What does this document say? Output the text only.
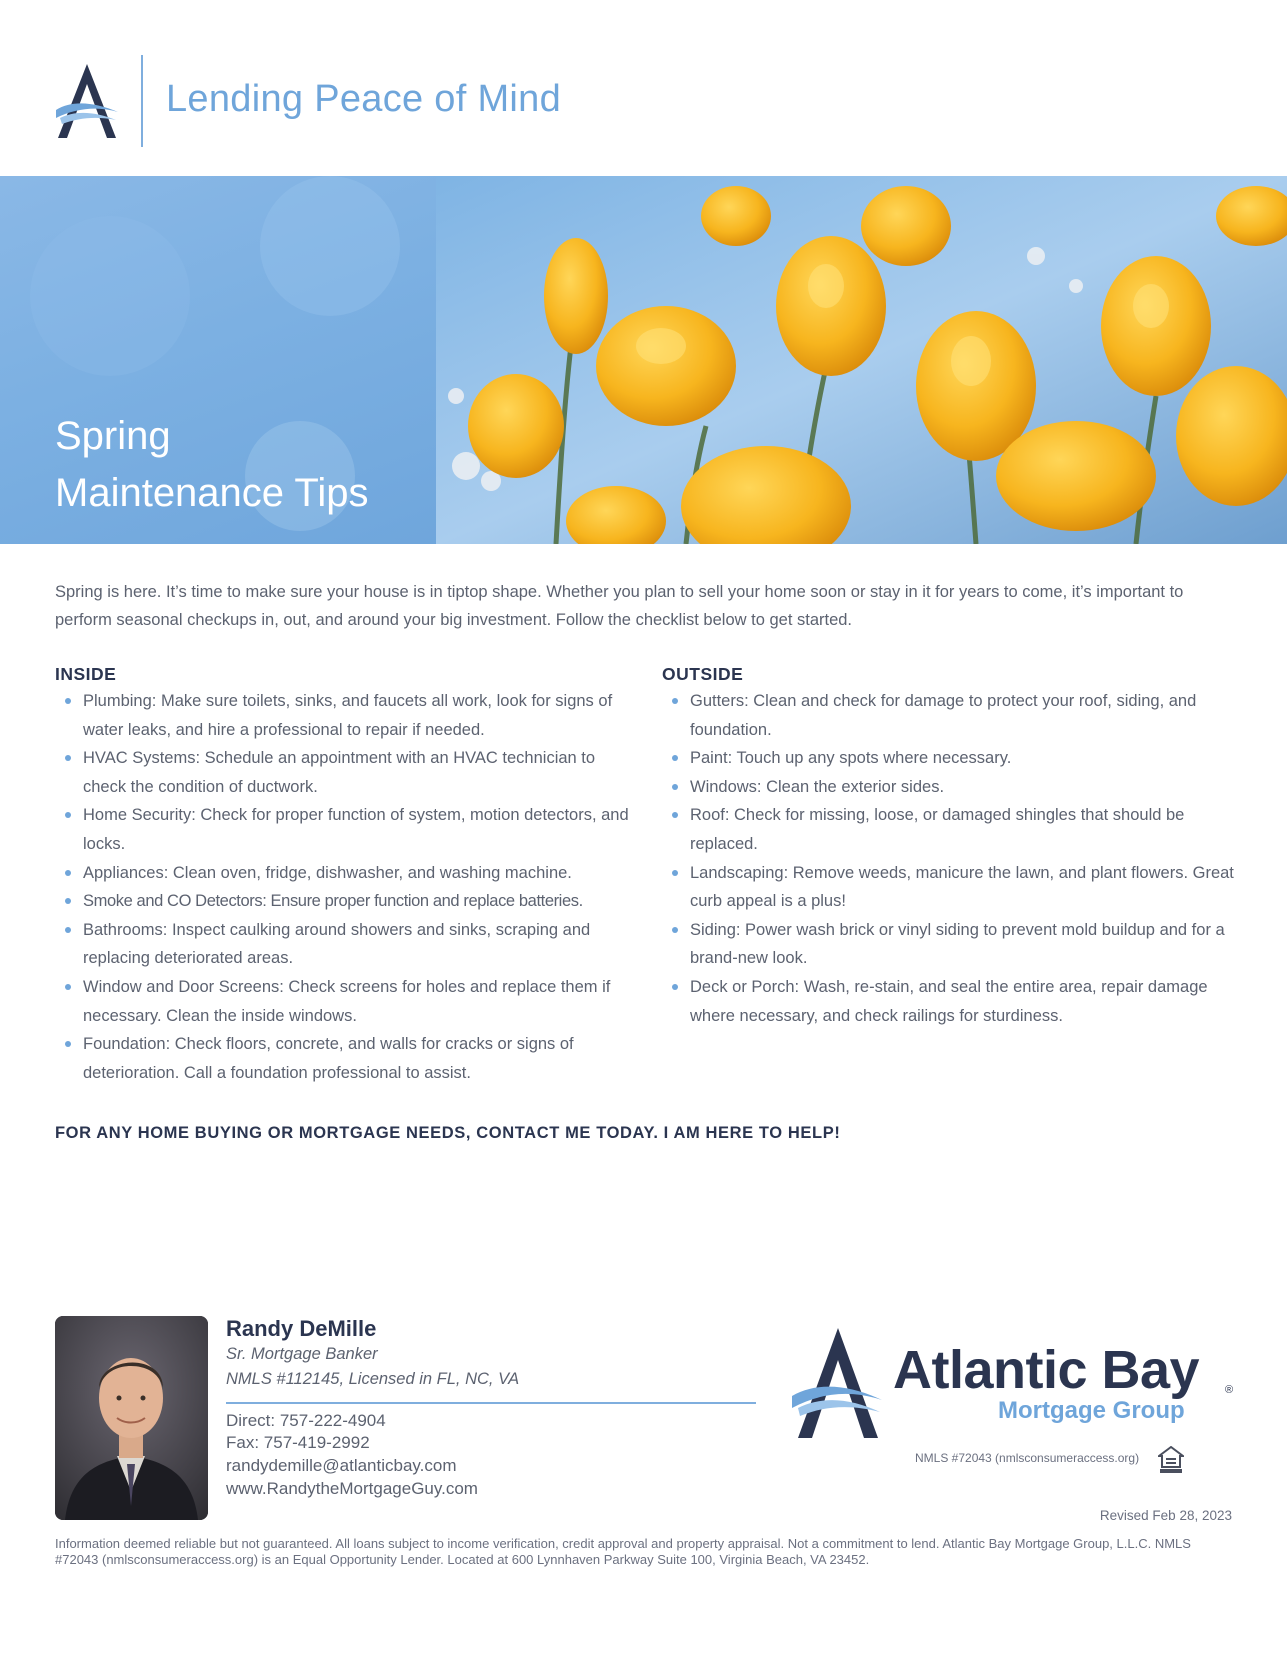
Lending Peace of Mind
Spring
Maintenance Tips

Spring is here. It’s time to make sure your house is in tiptop shape. Whether you plan to sell your home soon or stay in it for years to come, it’s important to perform seasonal checkups in, out, and around your big investment. Follow the checklist below to get started.

INSIDE
Plumbing: Make sure toilets, sinks, and faucets all work, look for signs of water leaks, and hire a professional to repair if needed.
HVAC Systems: Schedule an appointment with an HVAC technician to check the condition of ductwork.
Home Security: Check for proper function of system, motion detectors, and locks.
Appliances: Clean oven, fridge, dishwasher, and washing machine.
Smoke and CO Detectors: Ensure proper function and replace batteries.
Bathrooms: Inspect caulking around showers and sinks, scraping and replacing deteriorated areas.
Window and Door Screens: Check screens for holes and replace them if necessary. Clean the inside windows.
Foundation: Check floors, concrete, and walls for cracks or signs of deterioration. Call a foundation professional to assist.
OUTSIDE
Gutters: Clean and check for damage to protect your roof, siding, and foundation.
Paint: Touch up any spots where necessary.
Windows: Clean the exterior sides.
Roof: Check for missing, loose, or damaged shingles that should be replaced.
Landscaping: Remove weeds, manicure the lawn, and plant flowers. Great curb appeal is a plus!
Siding: Power wash brick or vinyl siding to prevent mold buildup and for a brand-new look.
Deck or Porch: Wash, re-stain, and seal the entire area, repair damage where necessary, and check railings for sturdiness.

FOR ANY HOME BUYING OR MORTGAGE NEEDS, CONTACT ME TODAY. I AM HERE TO HELP!

Randy DeMille
Sr. Mortgage Banker
NMLS #112145, Licensed in FL, NC, VA
Direct: 757-222-4904
Fax: 757-419-2992
randydemille@atlanticbay.com
www.RandytheMortgageGuy.com
Atlantic Bay ®
Mortgage Group
NMLS #72043 (nmlsconsumeraccess.org)
Revised Feb 28, 2023

Information deemed reliable but not guaranteed. All loans subject to income verification, credit approval and property appraisal. Not a commitment to lend. Atlantic Bay Mortgage Group, L.L.C. NMLS #72043 (nmlsconsumeraccess.org) is an Equal Opportunity Lender. Located at 600 Lynnhaven Parkway Suite 100, Virginia Beach, VA 23452.
